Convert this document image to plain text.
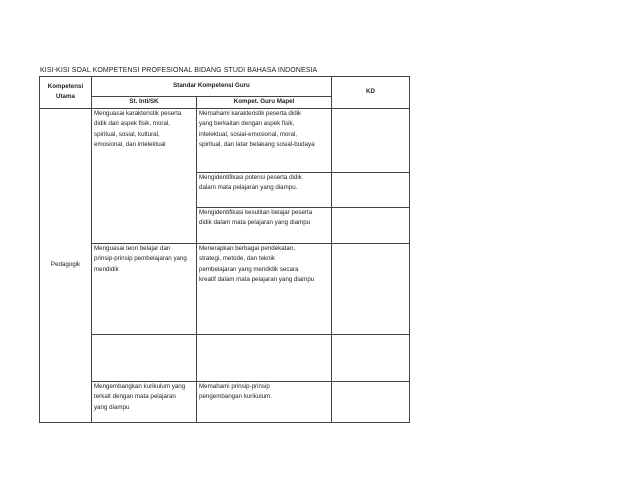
KISI-KISI SOAL KOMPETENSI PROFESIONAL BIDANG STUDI BAHASA INDONESIA
Kompetensi
Utama	Standar Kompetensi Guru		KD
	St. Inti/SK	Kompet. Guru Mapel	
Pedagogik	Menguasai karakteristik peserta
didik dari aspek fisik, moral,
spiritual, sosial, kultural,
emosional, dan intelektual	Memahami karakteristik peserta didik
yang berkaitan dengan aspek fisik,
intelektual, sosial-emosional, moral,
spiritual, dan latar belakang sosial-budaya	
		Mengidentifikasi potensi peserta didik
dalam mata pelajaran yang diampu.	
		Mengidentifikasi kesulitan belajar peserta
didik dalam mata pelajaran yang diampu	
	Menguasai teori belajar dan
prinsip-prinsip pembelajaran yang
mendidik	Menerapkan berbagai pendekatan,
strategi, metode, dan teknik
pembelajaran yang mendidik secara
kreatif dalam mata pelajaran yang diampu	

	Mengembangkan kurikulum yang
terkait dengan mata pelajaran
yang diampu	Memahami prinsip-prinsip
pengembangan kurikulum.	
